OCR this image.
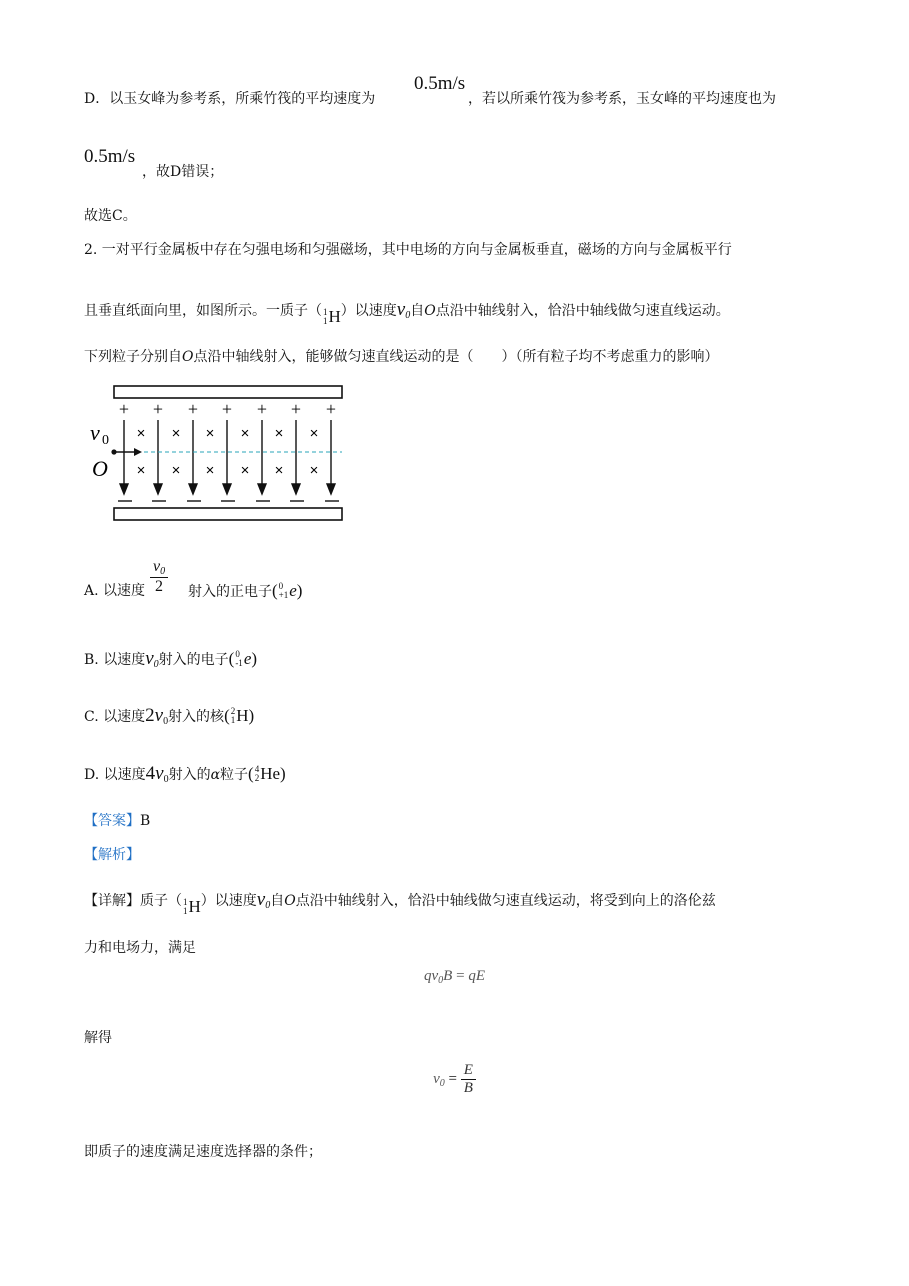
D．以玉女峰为参考系，所乘竹筏的平均速度为
0.5m/s
，若以所乘竹筏为参考系，玉女峰的平均速度也为
0.5m/s
，故D错误；
故选C。
2. 一对平行金属板中存在匀强电场和匀强磁场，其中电场的方向与金属板垂直，磁场的方向与金属板平行
且垂直纸面向里，如图所示。一质子（ 1
1 H ）以速度$v_0$自O点沿中轴线射入，恰沿中轴线做匀速直线运动。
下列粒子分别自O点沿中轴线射入，能够做匀速直线运动的是（　　）（所有粒子均不考虑重力的影响）
+ + + + + + +
× × × × × ×
× × × × × ×
v 0
O
A. 以速度 $\frac{v_0}{2}$ 射入的正电子 ( 0
+1 e )
B. 以速度$v_0$射入的电子 ( 0
-1 e )
C. 以速度$2v_0$射入的核 ( 2
1 H )
D. 以速度$4v_0$射入的α粒子 ( 4
2 He )
【答案】B
【解析】
【详解】质子（ 1
1 H ）以速度$v_0$自O点沿中轴线射入，恰沿中轴线做匀速直线运动，将受到向上的洛伦兹
力和电场力，满足
$qv_0B$ = qE
解得
$v_0 = \frac{E}{B}$
即质子的速度满足速度选择器的条件；
